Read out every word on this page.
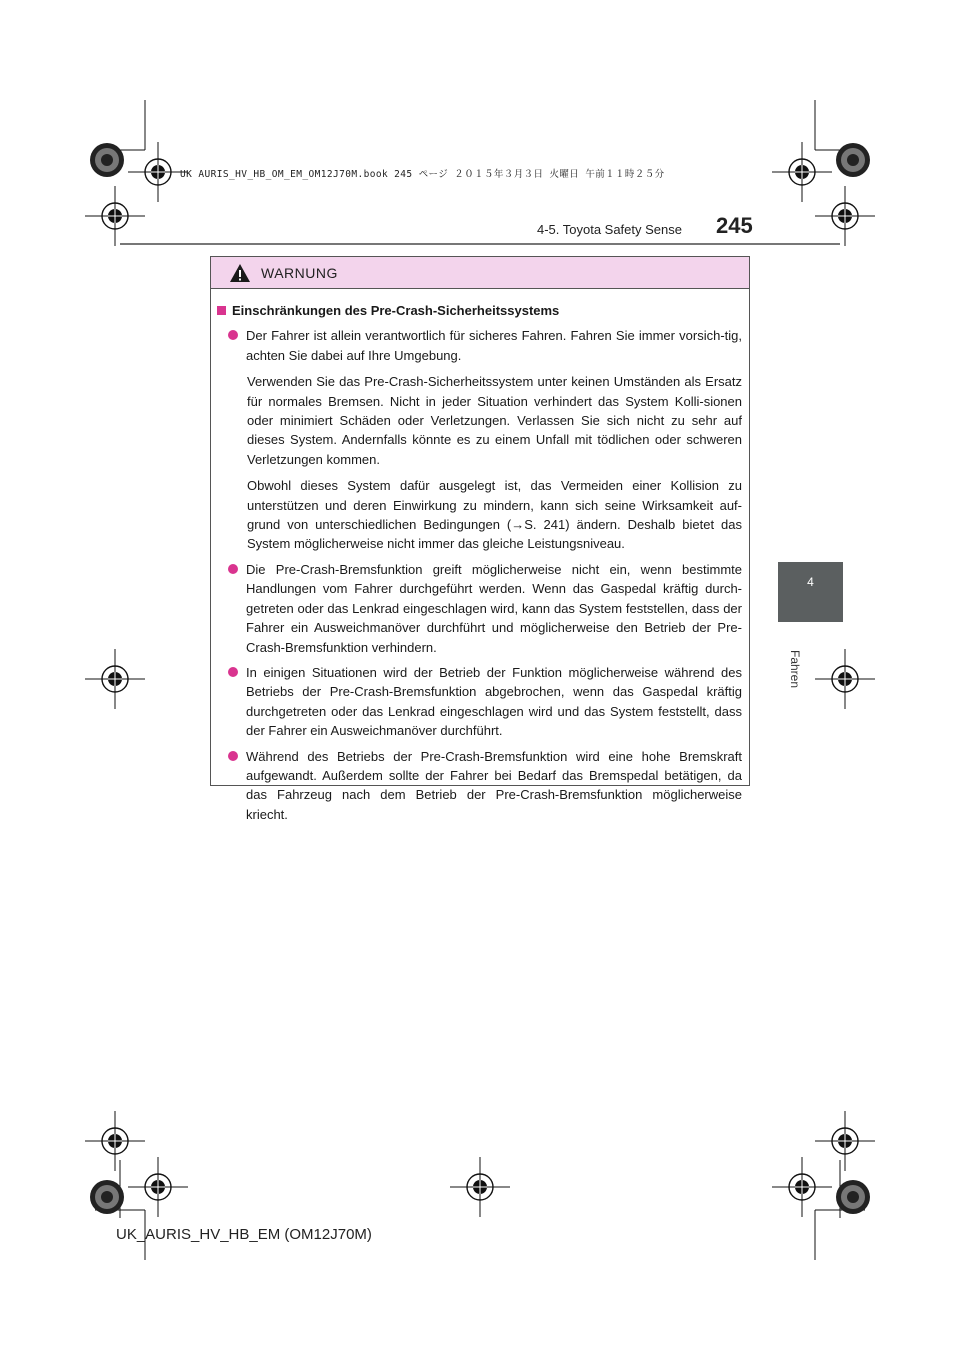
UK AURIS_HV_HB_OM_EM_OM12J70M.book 245 ページ ２０１５年３月３日 火曜日 午前１１時２５分
4-5. Toyota Safety Sense 245
4
Fahren
WARNUNG
Einschränkungen des Pre-Crash-Sicherheitssystems
Der Fahrer ist allein verantwortlich für sicheres Fahren. Fahren Sie immer vorsich-tig, achten Sie dabei auf Ihre Umgebung.
Verwenden Sie das Pre-Crash-Sicherheitssystem unter keinen Umständen als Ersatz für normales Bremsen. Nicht in jeder Situation verhindert das System Kolli-sionen oder minimiert Schäden oder Verletzungen. Verlassen Sie sich nicht zu sehr auf dieses System. Andernfalls könnte es zu einem Unfall mit tödlichen oder schweren Verletzungen kommen.
Obwohl dieses System dafür ausgelegt ist, das Vermeiden einer Kollision zu unterstützen und deren Einwirkung zu mindern, kann sich seine Wirksamkeit auf-grund von unterschiedlichen Bedingungen (→S. 241) ändern. Deshalb bietet das System möglicherweise nicht immer das gleiche Leistungsniveau.
Die Pre-Crash-Bremsfunktion greift möglicherweise nicht ein, wenn bestimmte Handlungen vom Fahrer durchgeführt werden. Wenn das Gaspedal kräftig durch-getreten oder das Lenkrad eingeschlagen wird, kann das System feststellen, dass der Fahrer ein Ausweichmanöver durchführt und möglicherweise den Betrieb der Pre-Crash-Bremsfunktion verhindern.
In einigen Situationen wird der Betrieb der Funktion möglicherweise während des Betriebs der Pre-Crash-Bremsfunktion abgebrochen, wenn das Gaspedal kräftig durchgetreten oder das Lenkrad eingeschlagen wird und das System feststellt, dass der Fahrer ein Ausweichmanöver durchführt.
Während des Betriebs der Pre-Crash-Bremsfunktion wird eine hohe Bremskraft aufgewandt. Außerdem sollte der Fahrer bei Bedarf das Bremspedal betätigen, da das Fahrzeug nach dem Betrieb der Pre-Crash-Bremsfunktion möglicherweise kriecht.
UK_AURIS_HV_HB_EM (OM12J70M)
